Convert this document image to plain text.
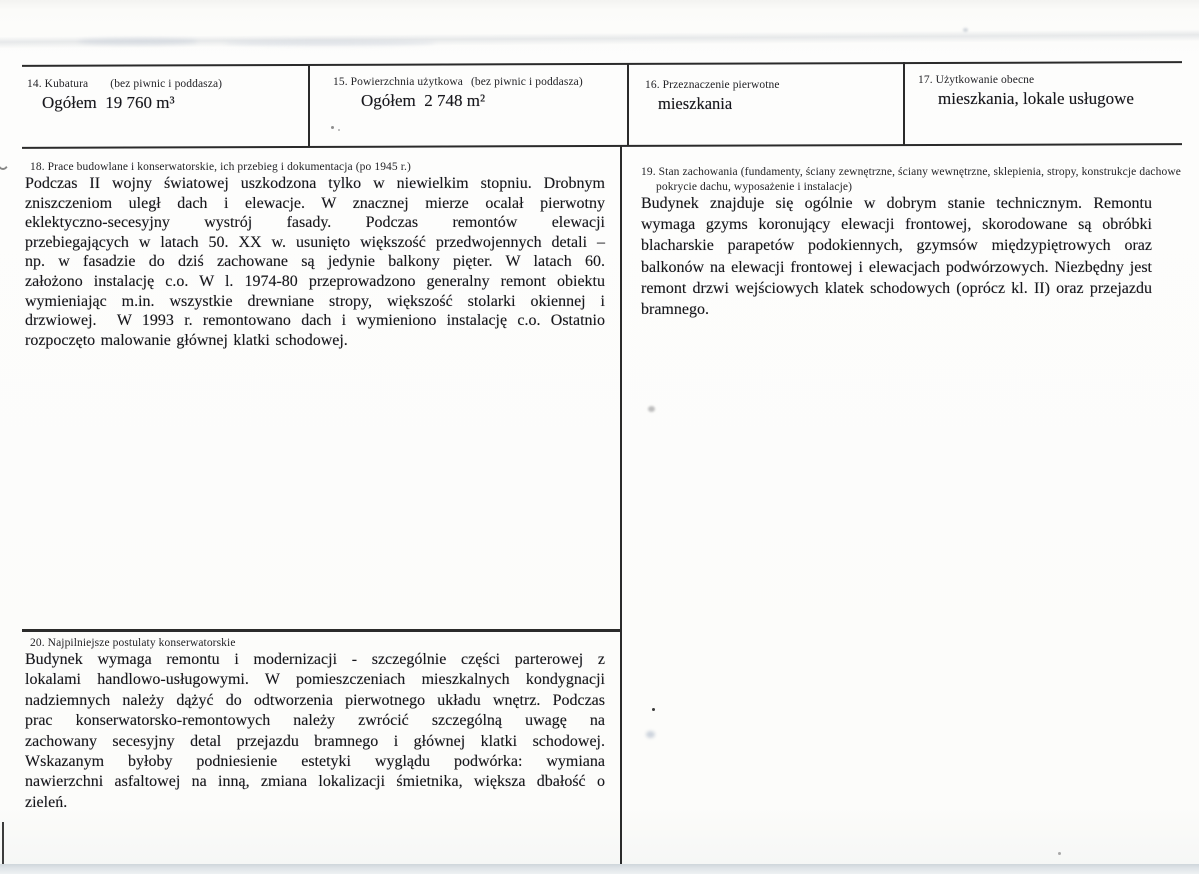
14. Kubatura (bez piwnic i poddasza)
Ogółem  19 760 m³
15. Powierzchnia użytkowa (bez piwnic i poddasza)
Ogółem  2 748 m²
16. Przeznaczenie pierwotne
mieszkania
17. Użytkowanie obecne
mieszkania, lokale usługowe
18. Prace budowlane i konserwatorskie, ich przebieg i dokumentacja (po 1945 r.)
Podczas II wojny światowej uszkodzona tylko w niewielkim stopniu. Drobnym
zniszczeniom uległ dach i elewacje. W znacznej mierze ocalał pierwotny
eklektyczno-secesyjny wystrój fasady. Podczas remontów elewacji
przebiegających w latach 50. XX w. usunięto większość przedwojennych detali –
np. w fasadzie do dziś zachowane są jedynie balkony pięter. W latach 60.
założono instalację c.o. W l. 1974-80 przeprowadzono generalny remont obiektu
wymieniając m.in. wszystkie drewniane stropy, większość stolarki okiennej i
drzwiowej.  W 1993 r. remontowano dach i wymieniono instalację c.o. Ostatnio
rozpoczęto malowanie głównej klatki schodowej.
19. Stan zachowania (fundamenty, ściany zewnętrzne, ściany wewnętrzne, sklepienia, stropy, konstrukcje dachowe
pokrycie dachu, wyposażenie i instalacje)
Budynek znajduje się ogólnie w dobrym stanie technicznym. Remontu
wymaga gzyms koronujący elewacji frontowej, skorodowane są obróbki
blacharskie parapetów podokiennych, gzymsów międzypiętrowych oraz
balkonów na elewacji frontowej i elewacjach podwórzowych. Niezbędny jest
remont drzwi wejściowych klatek schodowych (oprócz kl. II) oraz przejazdu
bramnego.
20. Najpilniejsze postulaty konserwatorskie
Budynek wymaga remontu i modernizacji - szczególnie części parterowej z
lokalami handlowo-usługowymi. W pomieszczeniach mieszkalnych kondygnacji
nadziemnych należy dążyć do odtworzenia pierwotnego układu wnętrz. Podczas
prac konserwatorsko-remontowych należy zwrócić szczególną uwagę na
zachowany secesyjny detal przejazdu bramnego i głównej klatki schodowej.
Wskazanym byłoby podniesienie estetyki wyglądu podwórka: wymiana
nawierzchni asfaltowej na inną, zmiana lokalizacji śmietnika, większa dbałość o
zieleń.
